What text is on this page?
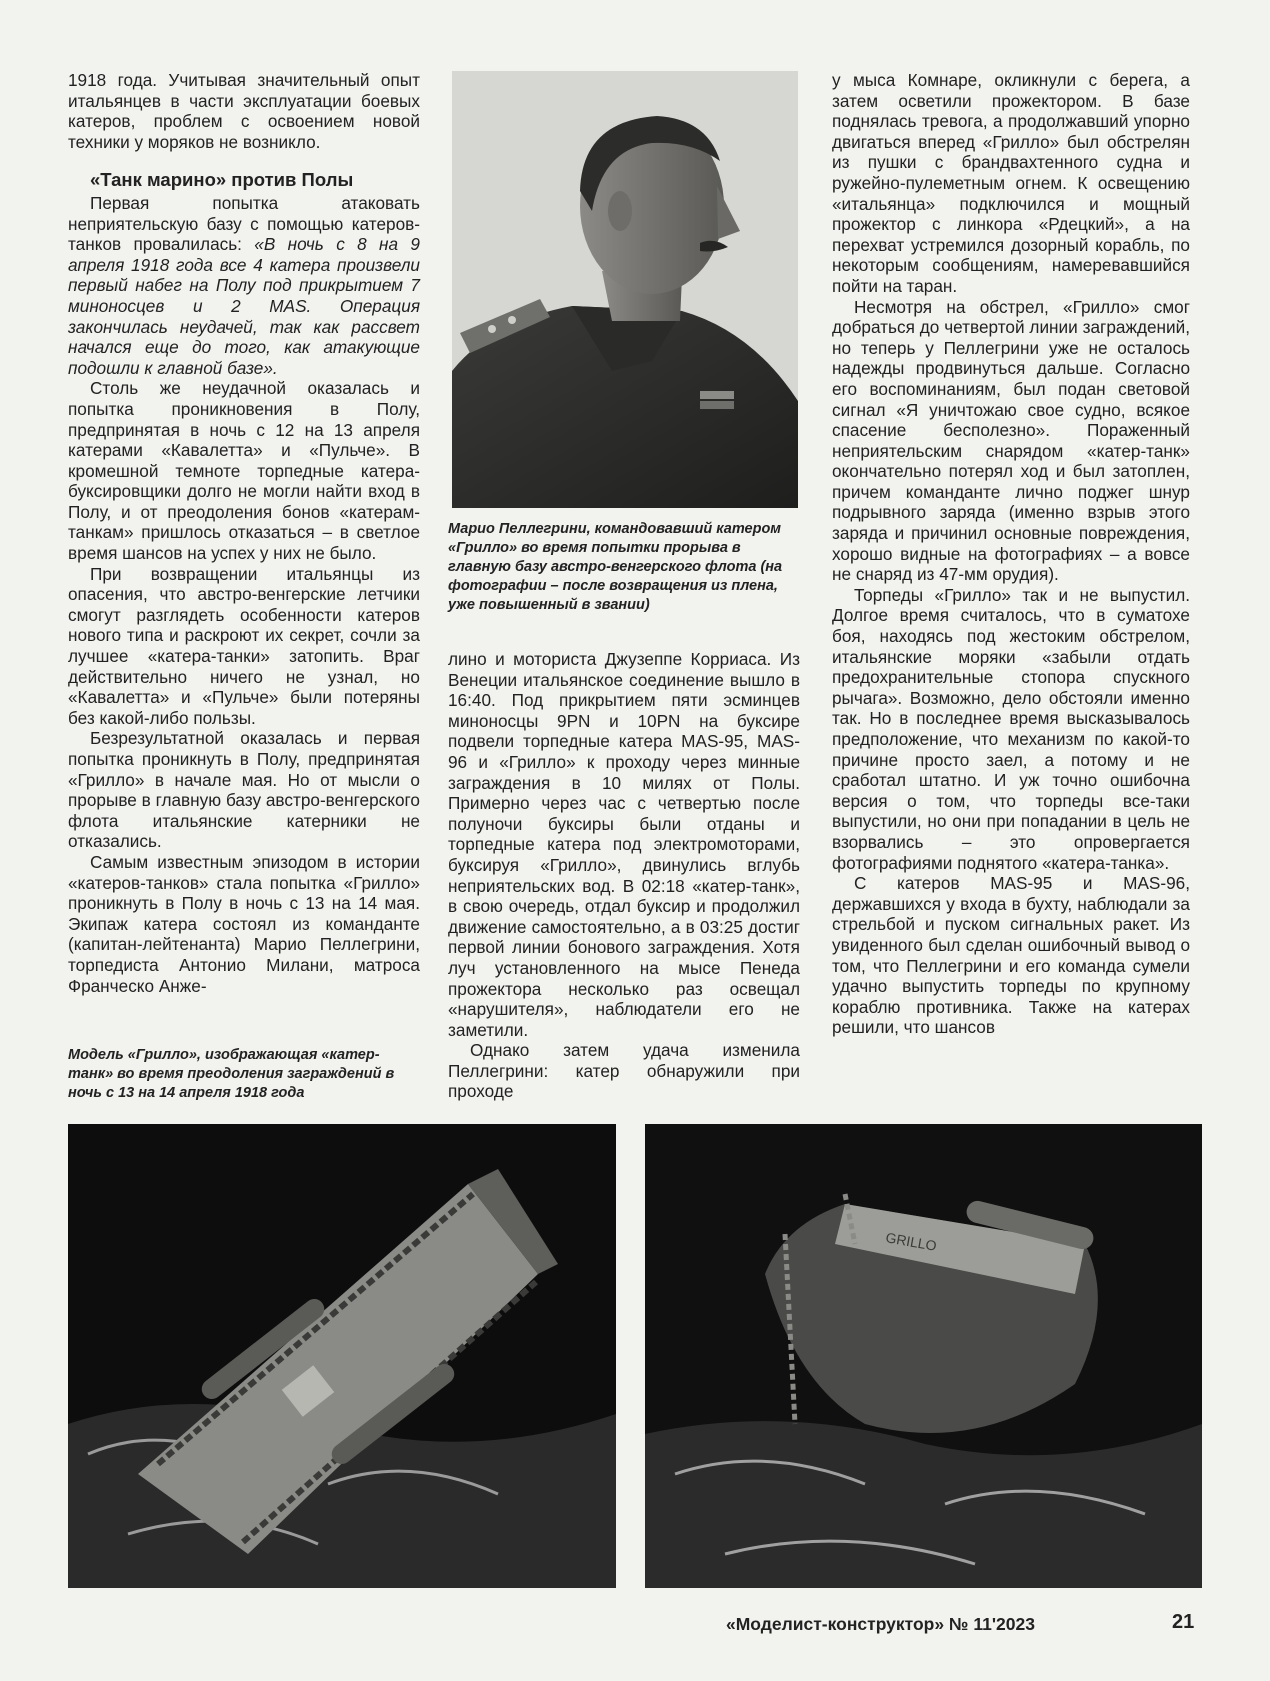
1918 года. Учитывая значительный опыт итальянцев в части эксплуатации боевых катеров, проблем с освоением новой техники у моряков не возникло.

«Танк марино» против Полы

Первая попытка атаковать неприятельскую базу с помощью катеров-танков провалилась: «В ночь с 8 на 9 апреля 1918 года все 4 катера произвели первый набег на Полу под прикрытием 7 миноносцев и 2 MAS. Операция закончилась неудачей, так как рассвет начался еще до того, как атакующие подошли к главной базе».

Столь же неудачной оказалась и попытка проникновения в Полу, предпринятая в ночь с 12 на 13 апреля катерами «Кавалетта» и «Пульче». В кромешной темноте торпедные катера-буксировщики долго не могли найти вход в Полу, и от преодоления бонов «катерам-танкам» пришлось отказаться – в светлое время шансов на успех у них не было.

При возвращении итальянцы из опасения, что австро-венгерские летчики смогут разглядеть особенности катеров нового типа и раскроют их секрет, сочли за лучшее «катера-танки» затопить. Враг действительно ничего не узнал, но «Кавалетта» и «Пульче» были потеряны без какой-либо пользы.

Безрезультатной оказалась и первая попытка проникнуть в Полу, предпринятая «Грилло» в начале мая. Но от мысли о прорыве в главную базу австро-венгерского флота итальянские катерники не отказались.

Самым известным эпизодом в истории «катеров-танков» стала попытка «Грилло» проникнуть в Полу в ночь с 13 на 14 мая. Экипаж катера состоял из команданте (капитан-лейтенанта) Марио Пеллегрини, торпедиста Антонио Милани, матроса Франческо Анже-

Марио Пеллегрини, командовавший катером «Грилло» во время попытки прорыва в главную базу австро-венгерского флота (на фотографии – после возвращения из плена, уже повышенный в звании)

лино и моториста Джузеппе Корриаса. Из Венеции итальянское соединение вышло в 16:40. Под прикрытием пяти эсминцев миноносцы 9PN и 10PN на буксире подвели торпедные катера MAS-95, MAS-96 и «Грилло» к проходу через минные заграждения в 10 милях от Полы. Примерно через час с четвертью после полуночи буксиры были отданы и торпедные катера под электромоторами, буксируя «Грилло», двинулись вглубь неприятельских вод. В 02:18 «катер-танк», в свою очередь, отдал буксир и продолжил движение самостоятельно, а в 03:25 достиг первой линии бонового заграждения. Хотя луч установленного на мысе Пенеда прожектора несколько раз освещал «нарушителя», наблюдатели его не заметили.

Однако затем удача изменила Пеллегрини: катер обнаружили при проходе

у мыса Комнаре, окликнули с берега, а затем осветили прожектором. В базе поднялась тревога, а продолжавший упорно двигаться вперед «Грилло» был обстрелян из пушки с брандвахтенного судна и ружейно-пулеметным огнем. К освещению «итальянца» подключился и мощный прожектор с линкора «Рдецкий», а на перехват устремился дозорный корабль, по некоторым сообщениям, намеревавшийся пойти на таран.

Несмотря на обстрел, «Грилло» смог добраться до четвертой линии заграждений, но теперь у Пеллегрини уже не осталось надежды продвинуться дальше. Согласно его воспоминаниям, был подан световой сигнал «Я уничтожаю свое судно, всякое спасение бесполезно». Пораженный неприятельским снарядом «катер-танк» окончательно потерял ход и был затоплен, причем команданте лично поджег шнур подрывного заряда (именно взрыв этого заряда и причинил основные повреждения, хорошо видные на фотографиях – а вовсе не снаряд из 47-мм орудия).

Торпеды «Грилло» так и не выпустил. Долгое время считалось, что в суматохе боя, находясь под жестоким обстрелом, итальянские моряки «забыли отдать предохранительные стопора спускного рычага». Возможно, дело обстояли именно так. Но в последнее время высказывалось предположение, что механизм по какой-то причине просто заел, а потому и не сработал штатно. И уж точно ошибочна версия о том, что торпеды все-таки выпустили, но они при попадании в цель не взорвались – это опровергается фотографиями поднятого «катера-танка».

С катеров MAS-95 и MAS-96, державшихся у входа в бухту, наблюдали за стрельбой и пуском сигнальных ракет. Из увиденного был сделан ошибочный вывод о том, что Пеллегрини и его команда сумели удачно выпустить торпеды по крупному кораблю противника. Также на катерах решили, что шансов

Модель «Грилло», изображающая «катер-танк» во время преодоления заграждений в ночь с 13 на 14 апреля 1918 года
GRILLO
«Моделист-конструктор» № 11'2023	21
